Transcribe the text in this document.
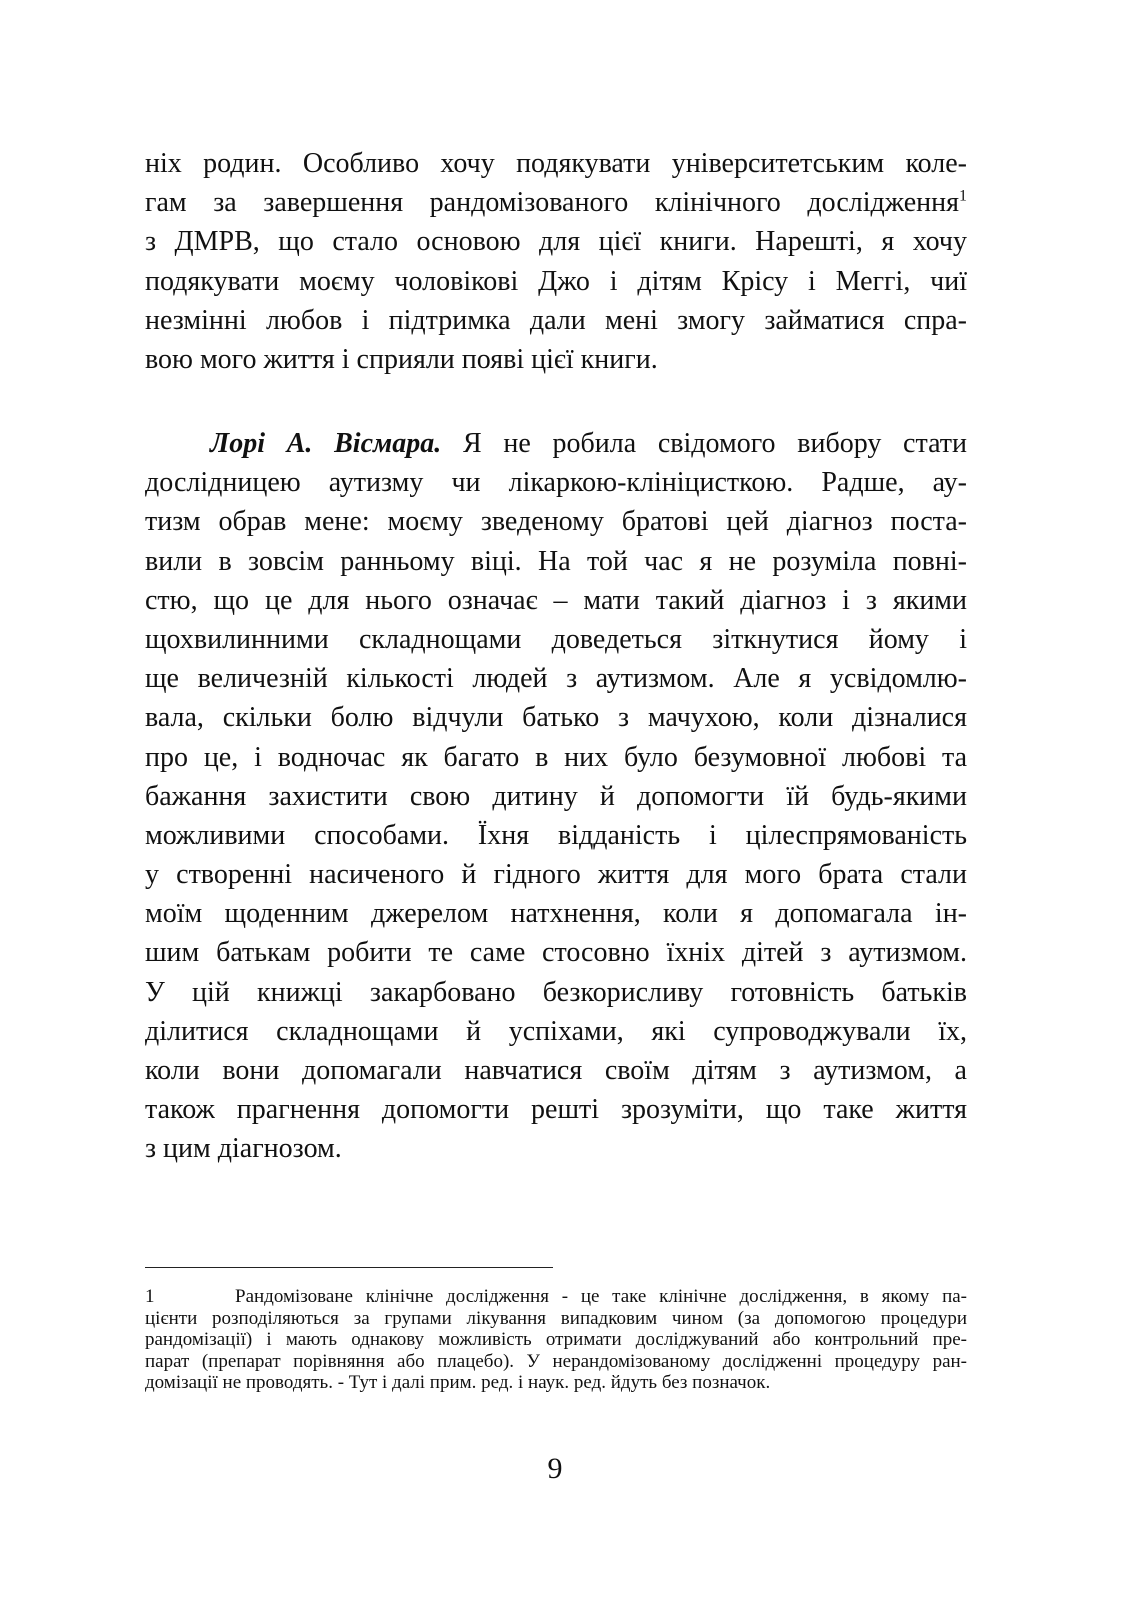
ніх родин. Особливо хочу подякувати університетським коле-
гам за завершення рандомізованого клінічного дослідження$^1$
з ДМРВ, що стало основою для цієї книги. Нарешті, я хочу
подякувати моєму чоловікові Джо і дітям Крісу і Меггі, чиї
незмінні любов і підтримка дали мені змогу займатися спра-
вою мого життя і сприяли появі цієї книги.
Лорі А. Вісмара. Я не робила свідомого вибору стати
дослідницею аутизму чи лікаркою-клініцисткою. Радше, ау-
тизм обрав мене: моєму зведеному братові цей діагноз поста-
вили в зовсім ранньому віці. На той час я не розуміла повні-
стю, що це для нього означає – мати такий діагноз і з якими
щохвилинними складнощами доведеться зіткнутися йому і
ще величезній кількості людей з аутизмом. Але я усвідомлю-
вала, скільки болю відчули батько з мачухою, коли дізналися
про це, і водночас як багато в них було безумовної любові та
бажання захистити свою дитину й допомогти їй будь-якими
можливими способами. Їхня відданість і цілеспрямованість
у створенні насиченого й гідного життя для мого брата стали
моїм щоденним джерелом натхнення, коли я допомагала ін-
шим батькам робити те саме стосовно їхніх дітей з аутизмом.
У цій книжці закарбовано безкорисливу готовність батьків
ділитися складнощами й успіхами, які супроводжували їх,
коли вони допомагали навчатися своїм дітям з аутизмом, а
також прагнення допомогти решті зрозуміти, що таке життя
з цим діагнозом.
1	Рандомізоване клінічне дослідження - це таке клінічне дослідження, в якому па-
цієнти розподіляються за групами лікування випадковим чином (за допомогою процедури
рандомізації) і мають однакову можливість отримати досліджуваний або контрольний пре-
парат (препарат порівняння або плацебо). У нерандомізованому дослідженні процедуру ран-
домізації не проводять. - Тут і далі прим. ред. і наук. ред. йдуть без позначок.
9
